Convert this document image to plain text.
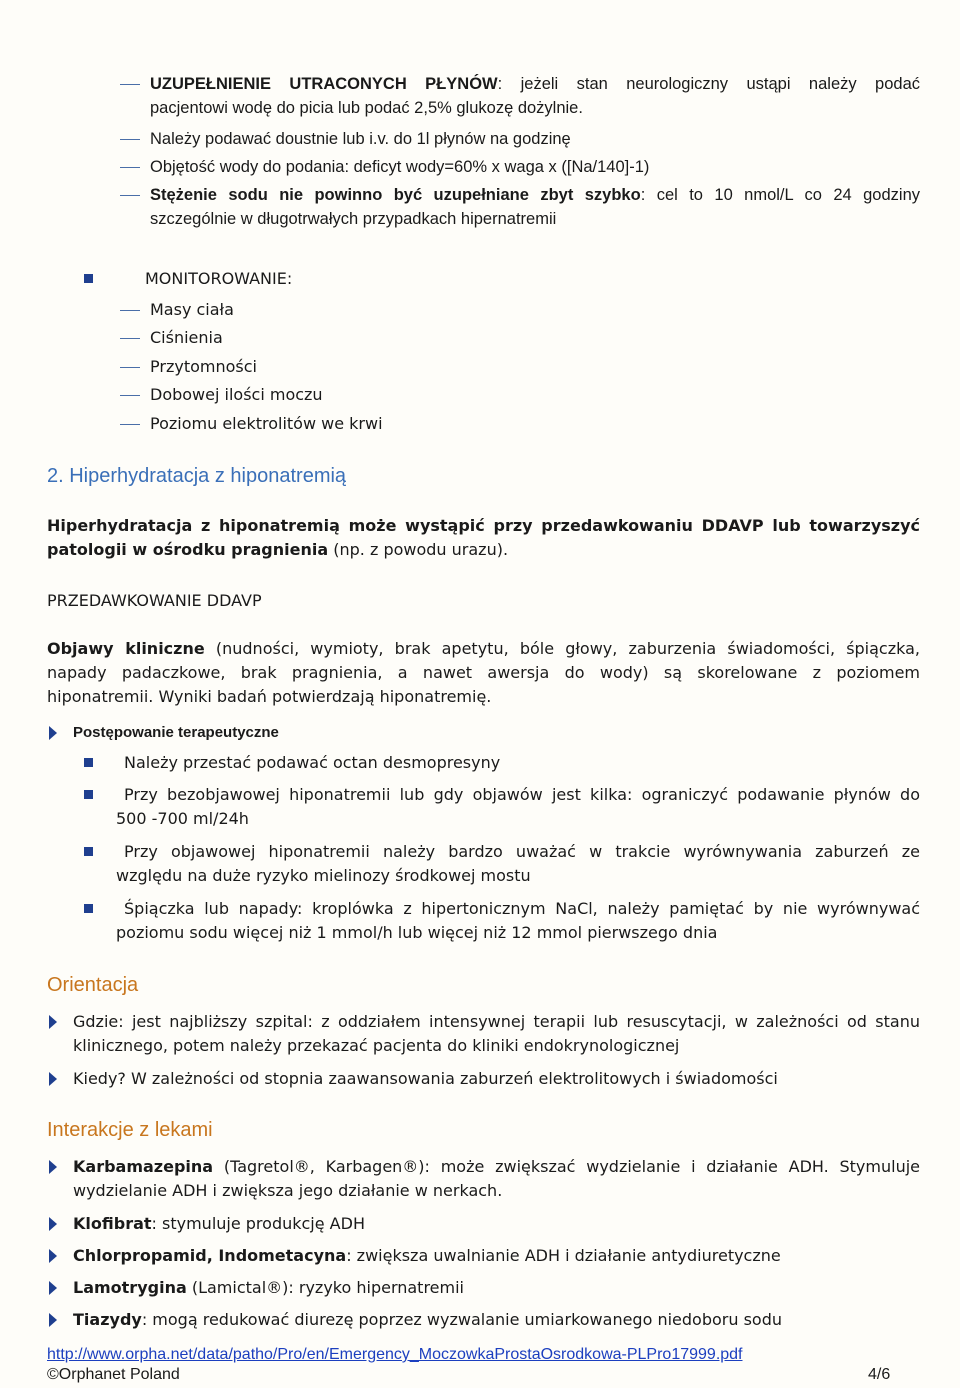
UZUPEŁNIENIE UTRACONYCH PŁYNÓW: jeżeli stan neurologiczny ustąpi należy podać
pacjentowi wodę do picia lub podać 2,5% glukozę dożylnie.
Należy podawać doustnie lub i.v. do 1l płynów na godzinę
Objętość wody do podania: deficyt wody=60% x waga x ([Na/140]-1)
Stężenie sodu nie powinno być uzupełniane zbyt szybko: cel to 10 nmol/L co 24 godziny
szczególnie w długotrwałych przypadkach hipernatremii
MONITOROWANIE:
Masy ciała
Ciśnienia
Przytomności
Dobowej ilości moczu
Poziomu elektrolitów we krwi
2. Hiperhydratacja z hiponatremią
Hiperhydratacja z hiponatremią może wystąpić przy przedawkowaniu DDAVP lub towarzyszyć
patologii w ośrodku pragnienia (np. z powodu urazu).
PRZEDAWKOWANIE DDAVP
Objawy kliniczne (nudności, wymioty, brak apetytu, bóle głowy, zaburzenia świadomości, śpiączka,
napady padaczkowe, brak pragnienia, a nawet awersja do wody) są skorelowane z poziomem
hiponatremii. Wyniki badań potwierdzają hiponatremię.
Postępowanie terapeutyczne
Należy przestać podawać octan desmopresyny
Przy bezobjawowej hiponatremii lub gdy objawów jest kilka: ograniczyć podawanie płynów do
500 -700 ml/24h
Przy objawowej hiponatremii należy bardzo uważać w trakcie wyrównywania zaburzeń ze
względu na duże ryzyko mielinozy środkowej mostu
Śpiączka lub napady: kroplówka z hipertonicznym NaCl, należy pamiętać by nie wyrównywać
poziomu sodu więcej niż 1 mmol/h lub więcej niż 12 mmol pierwszego dnia
Orientacja
Gdzie: jest najbliższy szpital: z oddziałem intensywnej terapii lub resuscytacji, w zależności od stanu
klinicznego, potem należy przekazać pacjenta do kliniki endokrynologicznej
Kiedy? W zależności od stopnia zaawansowania zaburzeń elektrolitowych i świadomości
Interakcje z lekami
Karbamazepina (Tagretol®, Karbagen®): może zwiększać wydzielanie i działanie ADH. Stymuluje
wydzielanie ADH i zwiększa jego działanie w nerkach.
Klofibrat: stymuluje produkcję ADH
Chlorpropamid, Indometacyna: zwiększa uwalnianie ADH i działanie antydiuretyczne
Lamotrygina (Lamictal®): ryzyko hipernatremii
Tiazydy: mogą redukować diurezę poprzez wyzwalanie umiarkowanego niedoboru sodu
http://www.orpha.net/data/patho/Pro/en/Emergency_MoczowkaProstaOsrodkowa-PLPro17999.pdf
©Orphanet Poland	4/6
